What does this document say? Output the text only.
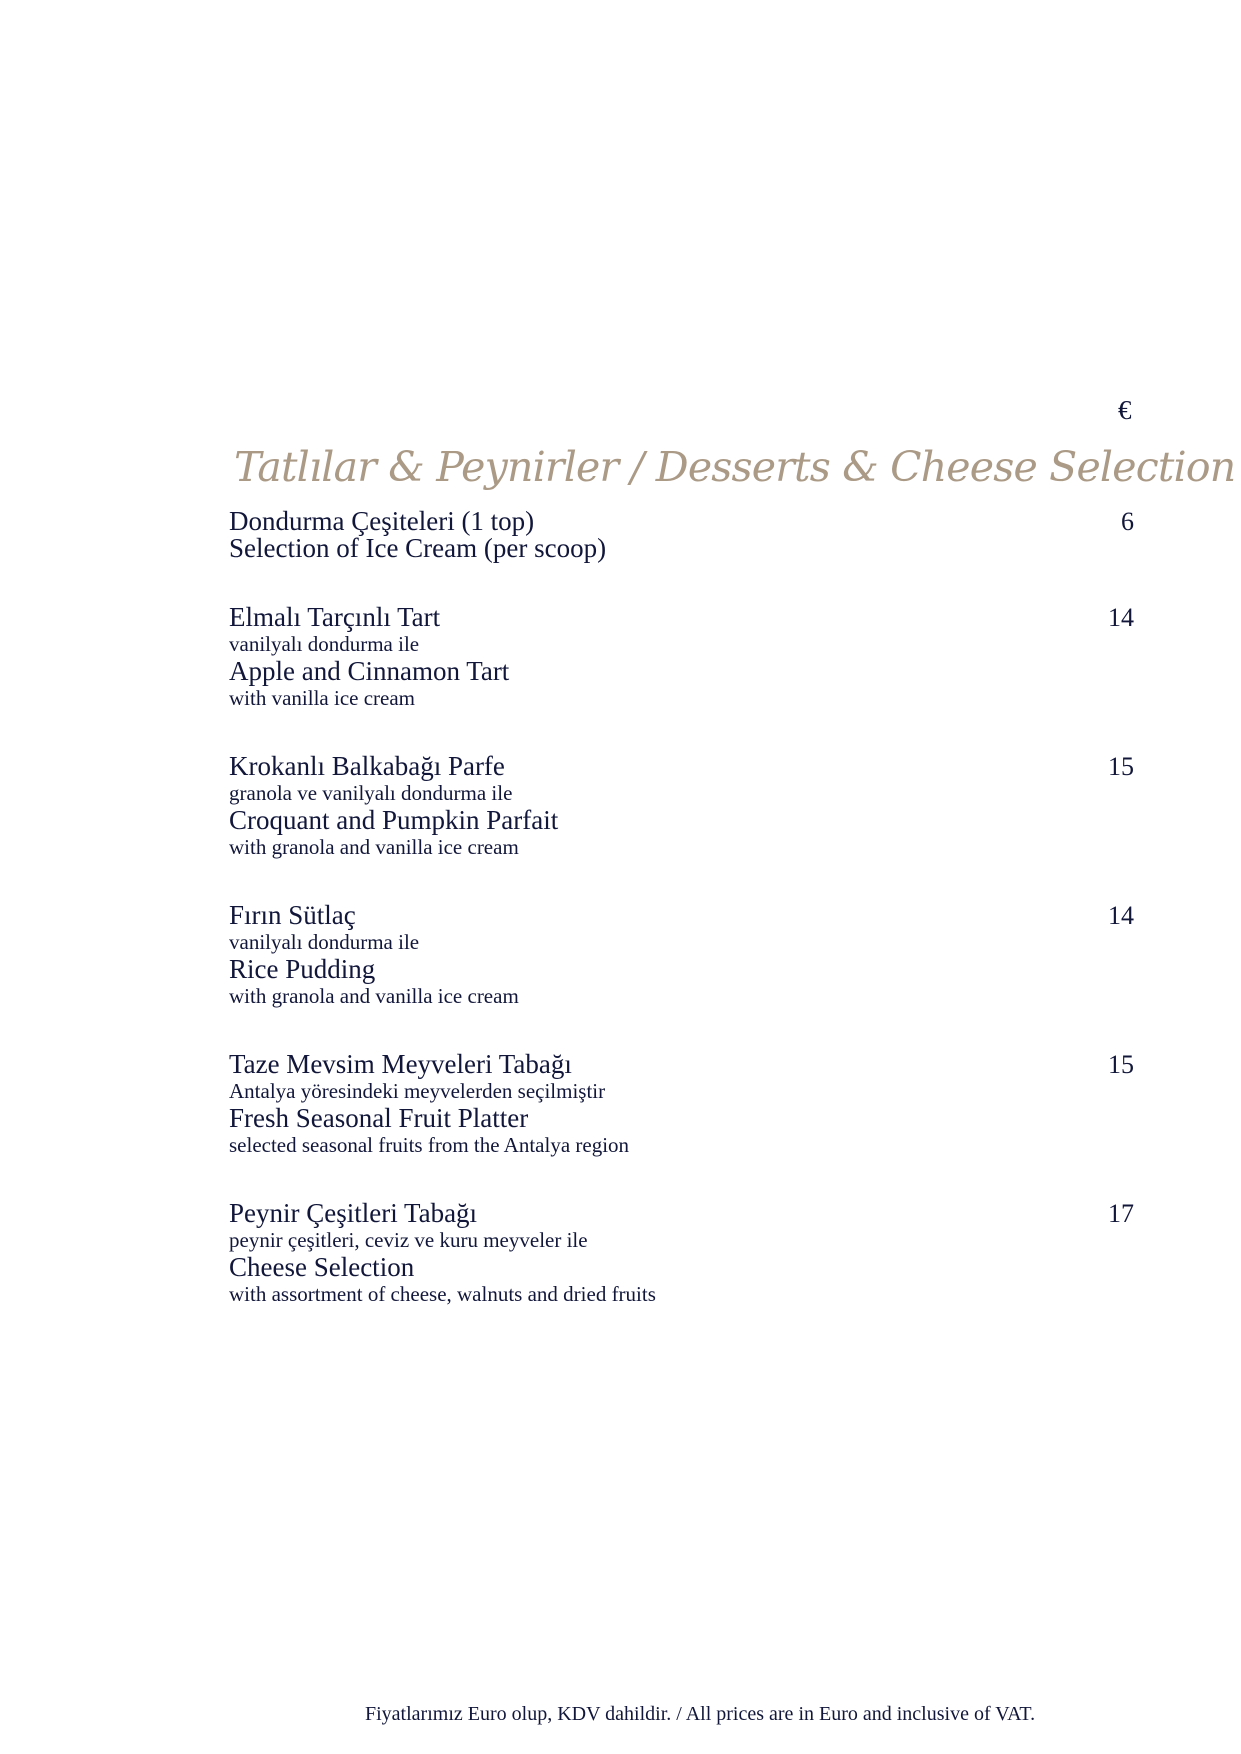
€
Tatlılar & Peynirler / Desserts & Cheese Selection
Dondurma Çeşiteleri (1 top)
Selection of Ice Cream (per scoop)
6
Elmalı Tarçınlı Tart
vanilyalı dondurma ile
Apple and Cinnamon Tart
with vanilla ice cream
14
Krokanlı Balkabağı Parfe
granola ve vanilyalı dondurma ile
Croquant and Pumpkin Parfait
with granola and vanilla ice cream
15
Fırın Sütlaç
vanilyalı dondurma ile
Rice Pudding
with granola and vanilla ice cream
14
Taze Mevsim Meyveleri Tabağı
Antalya yöresindeki meyvelerden seçilmiştir
Fresh Seasonal Fruit Platter
selected seasonal fruits from the Antalya region
15
Peynir Çeşitleri Tabağı
peynir çeşitleri, ceviz ve kuru meyveler ile
Cheese Selection
with assortment of cheese, walnuts and dried fruits
17
Fiyatlarımız Euro olup, KDV dahildir. / All prices are in Euro and inclusive of VAT.
